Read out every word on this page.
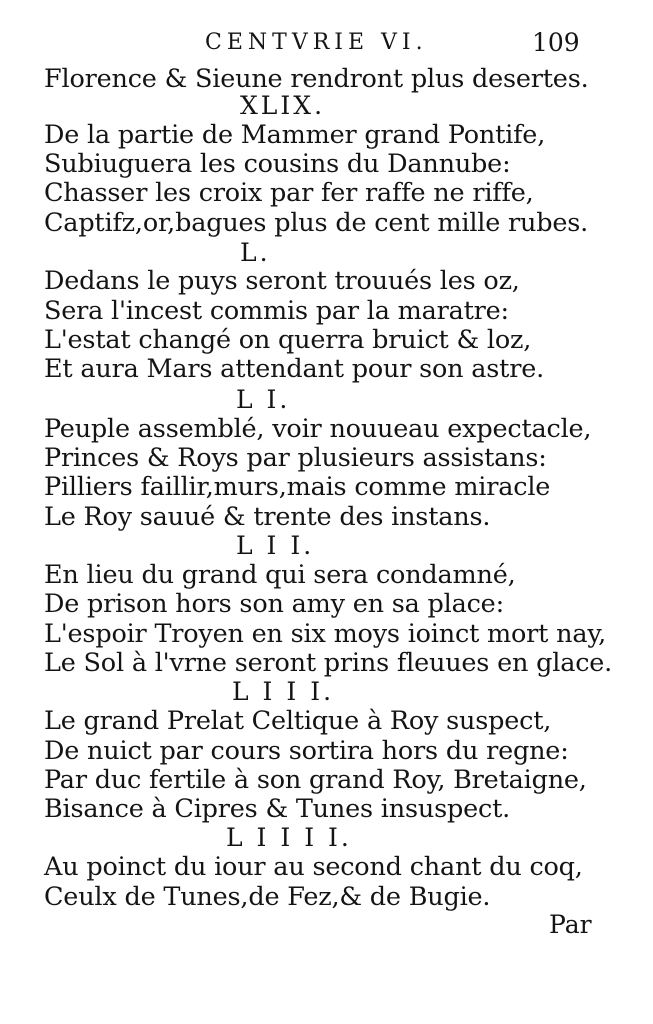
CENTVRIE VI.	109
Florence & Sieune rendront plus desertes.
XLIX.
De la partie de Mammer grand Pontife,
Subiuguera les cousins du Dannube:
Chasser les croix par fer raffe ne riffe,
Captifz,or,bagues plus de cent mille rubes.
L.
Dedans le puys seront trouués les oz,
Sera l'incest commis par la maratre:
L'estat changé on querra bruict & loz,
Et aura Mars attendant pour son astre.
L I.
Peuple assemblé, voir nouueau expectacle,
Princes & Roys par plusieurs assistans:
Pilliers faillir,murs,mais comme miracle
Le Roy sauué & trente des instans.
L I I.
En lieu du grand qui sera condamné,
De prison hors son amy en sa place:
L'espoir Troyen en six moys ioinct mort nay,
Le Sol à l'vrne seront prins fleuues en glace.
L I I I.
Le grand Prelat Celtique à Roy suspect,
De nuict par cours sortira hors du regne:
Par duc fertile à son grand Roy, Bretaigne,
Bisance à Cipres & Tunes insuspect.
L I I I I.
Au poinct du iour au second chant du coq,
Ceulx de Tunes,de Fez,& de Bugie.
Par
